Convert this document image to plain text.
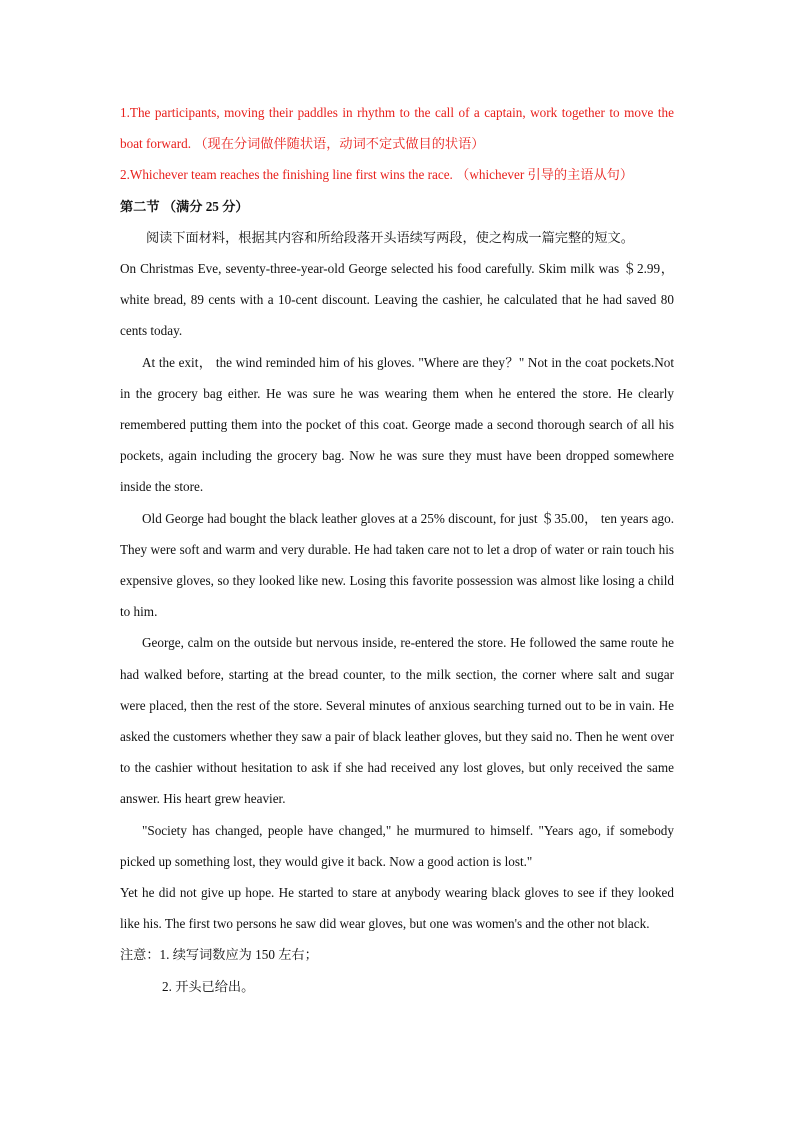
1.The participants, moving their paddles in rhythm to the call of a captain, work together to move the boat forward. （现在分词做伴随状语，动词不定式做目的状语）

2.Whichever team reaches the finishing line first wins the race. （whichever 引导的主语从句）

第二节 （满分 25 分）

阅读下面材料，根据其内容和所给段落开头语续写两段，使之构成一篇完整的短文。

On Christmas Eve, seventy-three-year-old George selected his food carefully. Skim milk was ＄2.99，white bread, 89 cents with a 10-cent discount. Leaving the cashier, he calculated that he had saved 80 cents today.

At the exit， the wind reminded him of his gloves. "Where are they？" Not in the coat pockets.Not in the grocery bag either. He was sure he was wearing them when he entered the store. He clearly remembered putting them into the pocket of this coat. George made a second thorough search of all his pockets, again including the grocery bag. Now he was sure they must have been dropped somewhere inside the store.

Old George had bought the black leather gloves at a 25% discount, for just ＄35.00， ten years ago. They were soft and warm and very durable. He had taken care not to let a drop of water or rain touch his expensive gloves, so they looked like new. Losing this favorite possession was almost like losing a child to him.

George, calm on the outside but nervous inside, re-entered the store. He followed the same route he had walked before, starting at the bread counter, to the milk section, the corner where salt and sugar were placed, then the rest of the store. Several minutes of anxious searching turned out to be in vain. He asked the customers whether they saw a pair of black leather gloves, but they said no. Then he went over to the cashier without hesitation to ask if she had received any lost gloves, but only received the same answer. His heart grew heavier.

"Society has changed, people have changed," he murmured to himself. "Years ago, if somebody picked up something lost, they would give it back. Now a good action is lost."

Yet he did not give up hope. He started to stare at anybody wearing black gloves to see if they looked like his. The first two persons he saw did wear gloves, but one was women's and the other not black.

注意：1. 续写词数应为 150 左右；

2. 开头已给出。
